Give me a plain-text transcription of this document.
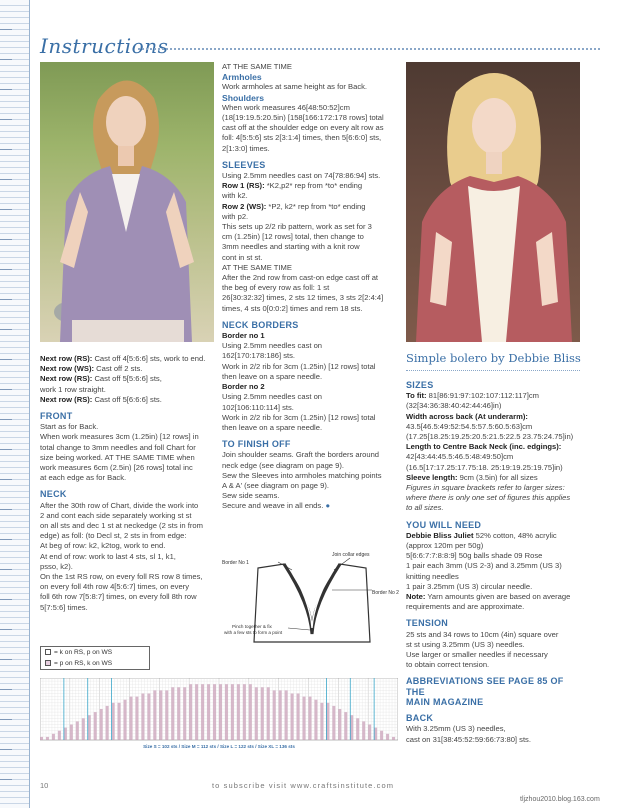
Instructions
Next row (RS): Cast off 4[5:6:6] sts, work to end.
Next row (WS): Cast off 2 sts.
Next row (RS): Cast off 5[5:6:6] sts,
work 1 row straight.
Next row (RS): Cast off 5[6:6:6] sts.
FRONT
Start as for Back.
When work measures 3cm (1.25in) [12 rows] in
total change to 3mm needles and foll Chart for
size being worked. AT THE SAME TIME when
work measures 6cm (2.5in) [26 rows] total inc
at each edge as for Back.
NECK
After the 30th row of Chart, divide the work into
2 and cont each side separately working st st
on all sts and dec 1 st at neckedge (2 sts in from
edge) as foll: (to Decl st, 2 sts in from edge:
At beg of row: k2, k2tog, work to end.
At end of row: work to last 4 sts, sl 1, k1,
psso, k2).
On the 1st RS row, on every foll RS row 8 times,
on every foll 4th row 4[5:6:7] times, on every
foll 6th row 7[5:8:7] times, on every foll 8th row
5[7:5:6] times.
= k on RS, p on WS
= p on RS, k on WS
Size S = 102 sts / Size M = 112 sts / Size L = 122 sts / Size XL = 136 sts
AT THE SAME TIME
Armholes
Work armholes at same height as for Back.
Shoulders
When work measures 46[48:50:52]cm
(18[19:19.5:20.5in) [158[166:172:178 rows] total
cast off at the shoulder edge on every alt row as
foll: 4[5:5:6] sts 2[3:1:4] times, then 5[6:6:0] sts,
2[1:3:0] times.
SLEEVES
Using 2.5mm needles cast on 74[78:86:94] sts.
Row 1 (RS): *K2,p2* rep from *to* ending
with k2.
Row 2 (WS): *P2, k2* rep from *to* ending
with p2.
This sets up 2/2 rib pattern, work as set for 3
cm (1.25in) [12 rows] total, then change to
3mm needles and starting with a knit row
cont in st st.
AT THE SAME TIME
After the 2nd row from cast-on edge cast off at
the beg of every row as foll: 1 st
26[30:32:32] times, 2 sts 12 times, 3 sts 2[2:4:4]
times, 4 sts 0[0:0:2] times and rem 18 sts.
NECK BORDERS
Border no 1
Using 2.5mm needles cast on
162[170:178:186] sts.
Work in 2/2 rib for 3cm (1.25in) [12 rows] total
then leave on a spare needle.
Border no 2
Using 2.5mm needles cast on
102[106:110:114] sts.
Work in 2/2 rib for 3cm (1.25in) [12 rows] total
then leave on a spare needle.
TO FINISH OFF
Join shoulder seams. Graft the borders around
neck edge (see diagram on page 9).
Sew the Sleeves into armholes matching points
A & A' (see diagram on page 9).
Sew side seams.
Secure and weave in all ends. ●
Border No 1
Join collar edges
Border No 2
Pinch together & fix
with a few sts to form a point
Simple bolero by Debbie Bliss
SIZES
To fit: 81[86:91:97:102:107:112:117]cm
(32[34:36:38:40:42:44:46]in)
Width across back (At underarm):
43.5[46.5:49:52:54.5:57.5:60.5:63]cm
(17.25[18.25:19.25:20.5:21.5:22.5 23.75:24.75]in)
Length to Centre Back Neck (inc. edgings):
42[43:44:45.5:46.5:48:49:50]cm
(16.5[17:17.25:17.75:18. 25:19:19.25:19.75]in)
Sleeve length: 9cm (3.5in) for all sizes
Figures in square brackets refer to larger sizes:
where there is only one set of figures this applies
to all sizes.
YOU WILL NEED
Debbie Bliss Juliet 52% cotton, 48% acrylic
(approx 120m per 50g)
5[6:6:7:7:8:8:9] 50g balls shade 09 Rose
1 pair each 3mm (US 2-3) and 3.25mm (US 3)
knitting needles
1 pair 3.25mm (US 3) circular needle.
Note: Yarn amounts given are based on average
requirements and are approximate.
TENSION
25 sts and 34 rows to 10cm (4in) square over
st st using 3.25mm (US 3) needles.
Use larger or smaller needles if necessary
to obtain correct tension.
ABBREVIATIONS SEE PAGE 85 OF THE
MAIN MAGAZINE
BACK
With 3.25mm (US 3) needles,
cast on 31[38:45:52:59:66:73:80] sts.
10	to subscribe visit www.craftsinstitute.com
tljzhou2010.blog.163.com
